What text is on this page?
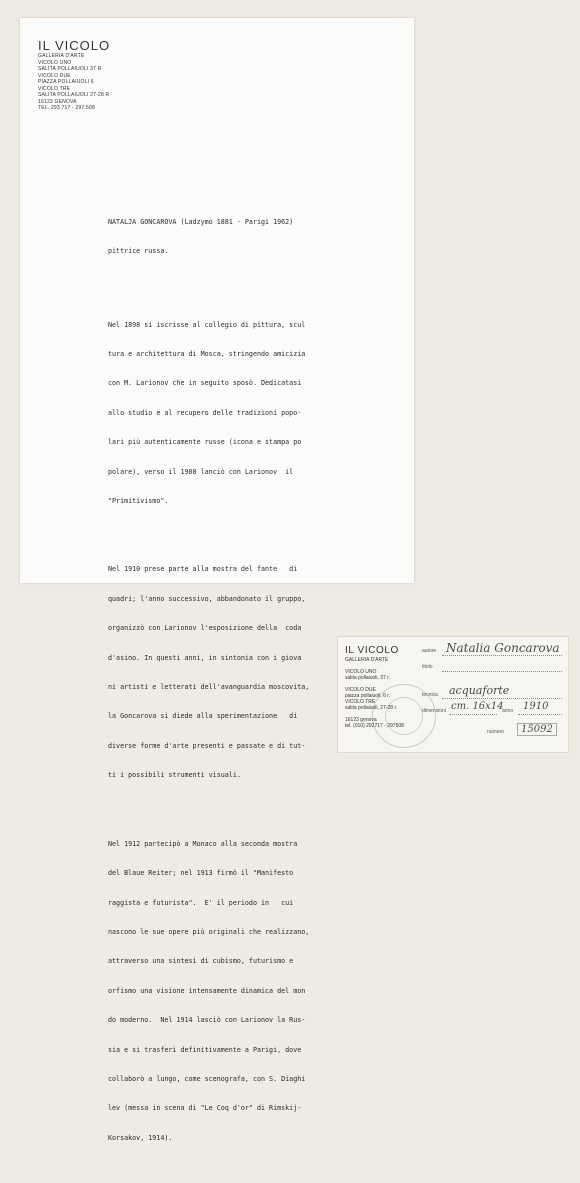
IL VICOLO
GALLERIA D'ARTE
VICOLO UNO
SALITA POLLAIUOLI 37 R
VICOLO DUE
PIAZZA POLLAIUOLI 6
VICOLO TRE
SALITA POLLAIUOLI 27-28 R
16123 GENOVA
TEL. 293.717 - 297.508

NATALJA GONCAROVA (Ladzymo 1881 - Parigi 1962)

pittrice russa.

Nel 1898 si iscrisse al collegio di pittura, scul

tura e architettura di Mosca, stringendo amicizia

con M. Larionov che in seguito sposò. Dedicatasi

allo studio e al recupero delle tradizioni popo-

lari più autenticamente russe (icona e stampa po

polare), verso il 1908 lanciò con Larionov  il

"Primitivismo".

Nel 1910 prese parte alla mostra del fante   di

quadri; l'anno successivo, abbandonato il gruppo,

organizzò con Larionov l'esposizione della  coda

d'asino. In questi anni, in sintonia con i giova

ni artisti e letterati dell'avanguardia moscovita,

la Goncarova si diede alla sperimentazione   di

diverse forme d'arte presenti e passate e di tut-

ti i possibili strumenti visuali.

Nel 1912 partecipò a Monaco alla seconda mostra

del Blaue Reiter; nel 1913 firmò il "Manifesto

raggista e futurista".  E' il periodo in   cui

nascono le sue opere più originali che realizzano,

attraverso una sintesi di cubismo, futurismo e

orfismo una visione intensamente dinamica del mon

do moderno.  Nel 1914 lasciò con Larionov la Rus-

sia e si trasferì definitivamente a Parigi, dove

collaborò a lungo, come scenografa, con S. Diaghi

lev (messa in scena di "Le Coq d'or" di Rimskij-

Korsakov, 1914).

IL VICOLO
GALLERIA D'ARTE
VICOLO UNO
salita pollaiuoli, 37 r.
VICOLO DUE
piazza pollaiuoli, 6 r.
VICOLO TRE
salita pollaiuoli, 27-28 r.
16123 genova
tel. (010) 293717 - 297508
autore Natalia Goncarova
titolo
tecnica acquaforte
dimensioni cm. 16x14
anno 1910
numero	15092
